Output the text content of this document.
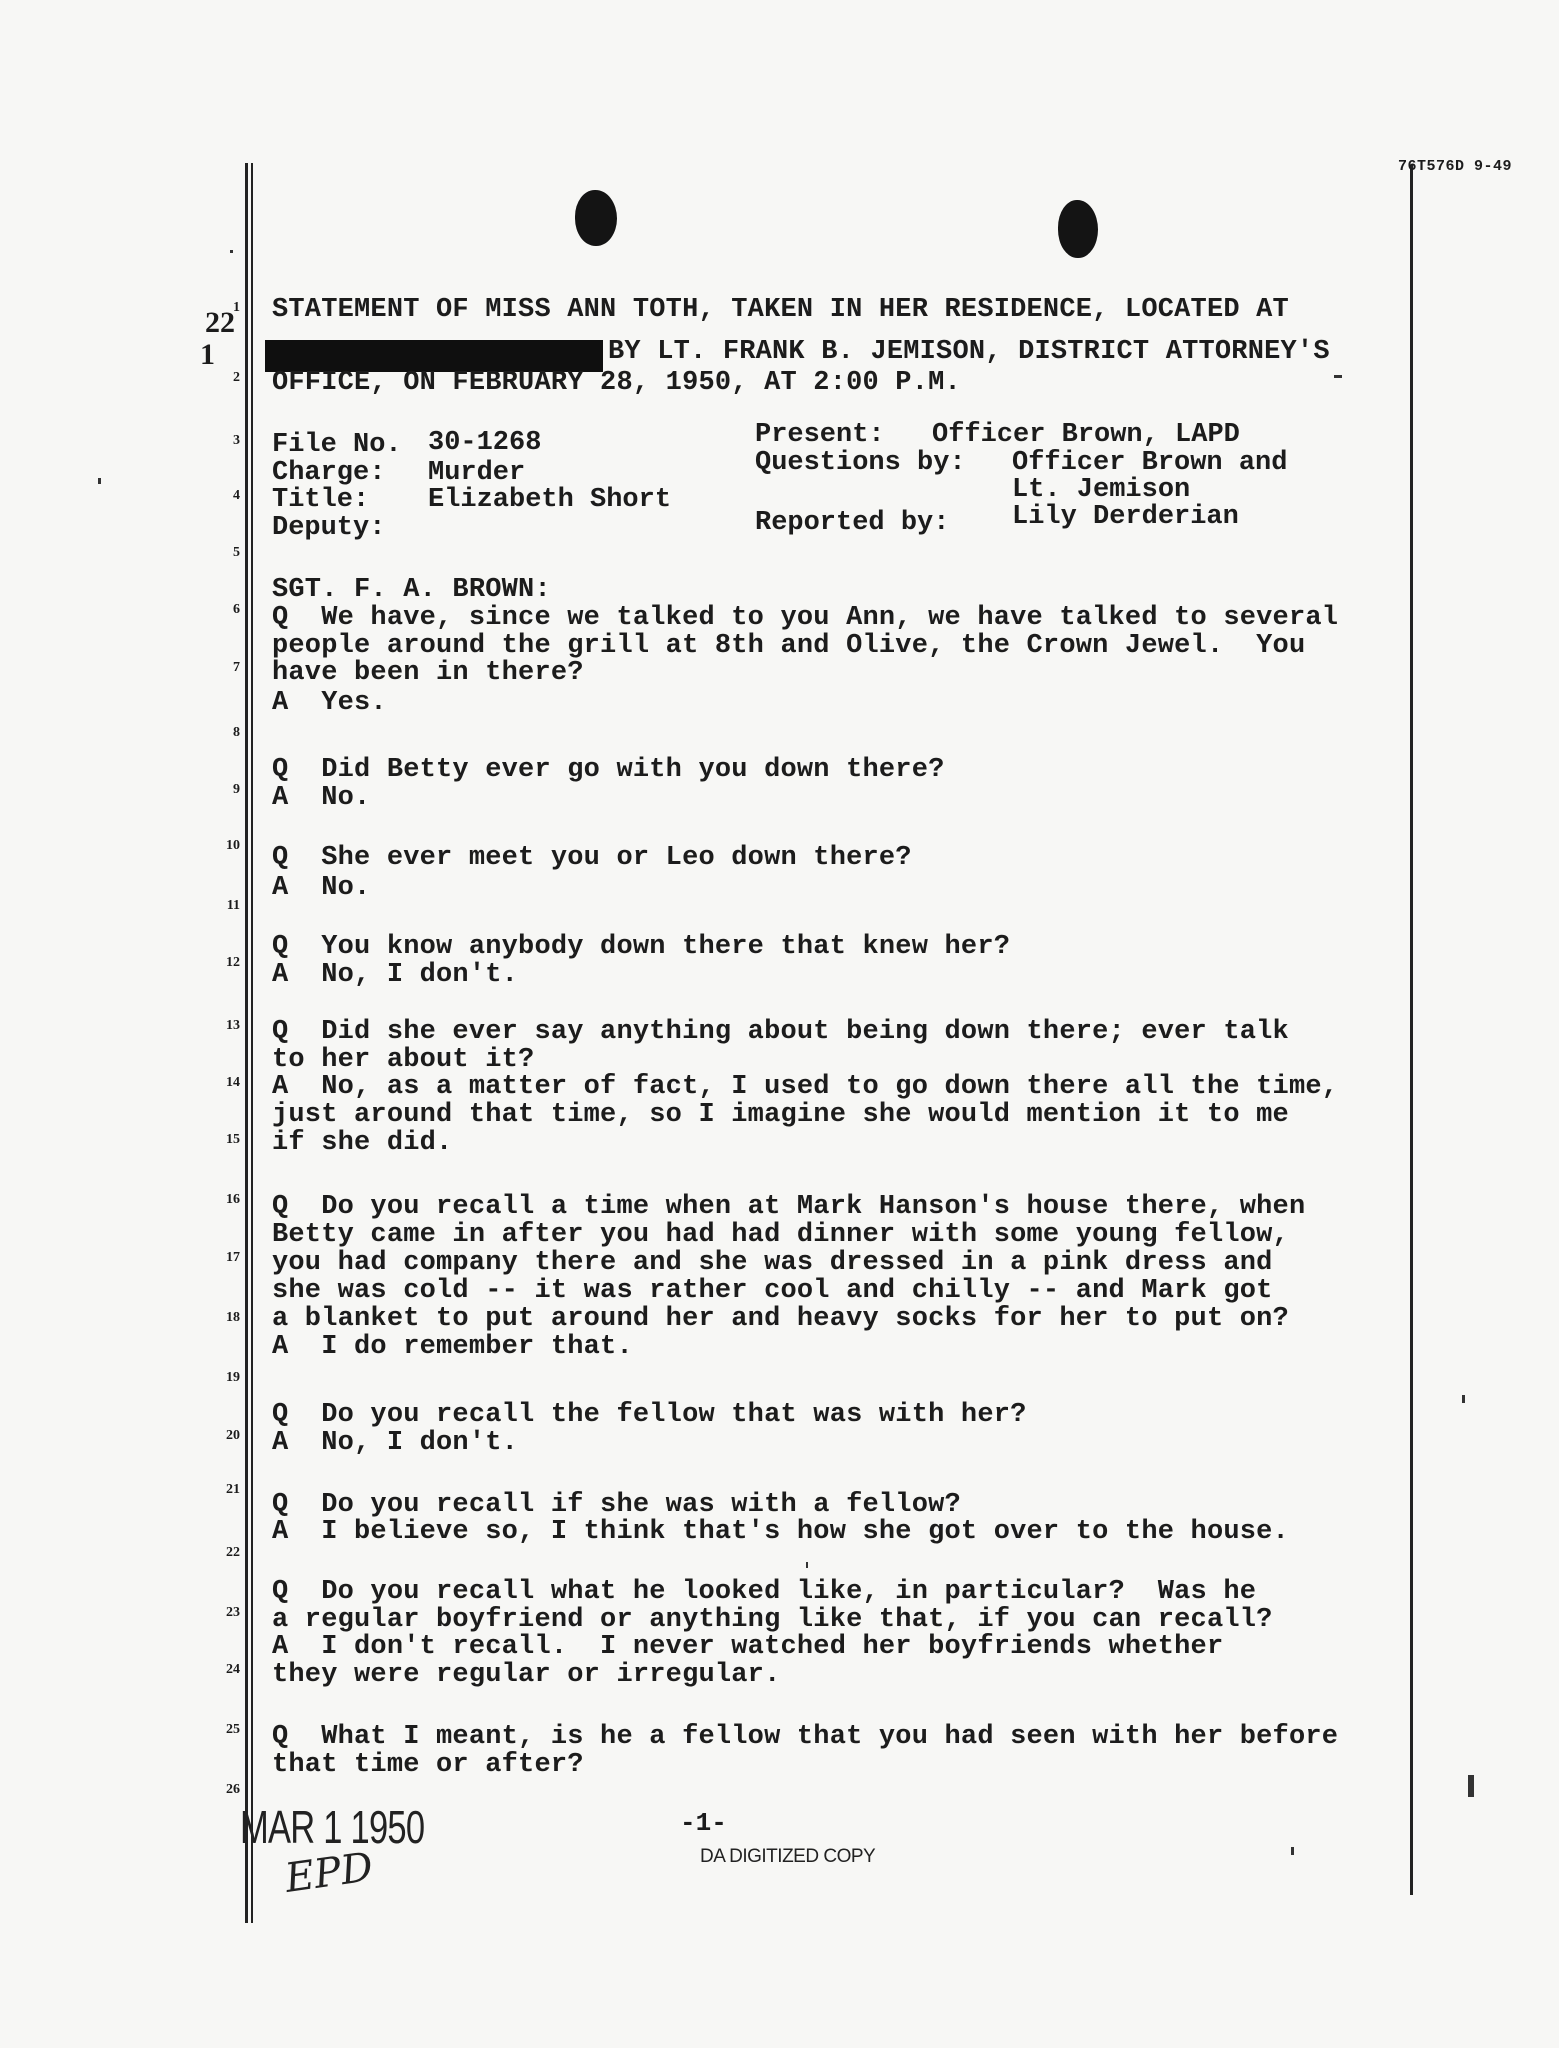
76T576D 9-49
22
1
1
2
3
4
5
6
7
8
9
10
11
12
13
14
15
16
17
18
19
20
21
22
23
24
25
26
STATEMENT OF MISS ANN TOTH, TAKEN IN HER RESIDENCE, LOCATED AT
BY LT. FRANK B. JEMISON, DISTRICT ATTORNEY'S
OFFICE, ON FEBRUARY 28, 1950, AT 2:00 P.M.
File No. 30-1268
Charge: Murder
Title: Elizabeth Short
Deputy:
Present: Officer Brown, LAPD
Questions by: Officer Brown and
Lt. Jemison
Reported by: Lily Derderian
SGT. F. A. BROWN:
Q  We have, since we talked to you Ann, we have talked to several
people around the grill at 8th and Olive, the Crown Jewel.  You
have been in there?
A  Yes.
Q  Did Betty ever go with you down there?
A  No.
Q  She ever meet you or Leo down there?
A  No.
Q  You know anybody down there that knew her?
A  No, I don't.
Q  Did she ever say anything about being down there; ever talk
to her about it?
A  No, as a matter of fact, I used to go down there all the time,
just around that time, so I imagine she would mention it to me
if she did.
Q  Do you recall a time when at Mark Hanson's house there, when
Betty came in after you had had dinner with some young fellow,
you had company there and she was dressed in a pink dress and
she was cold -- it was rather cool and chilly -- and Mark got
a blanket to put around her and heavy socks for her to put on?
A  I do remember that.
Q  Do you recall the fellow that was with her?
A  No, I don't.
Q  Do you recall if she was with a fellow?
A  I believe so, I think that's how she got over to the house.
Q  Do you recall what he looked like, in particular?  Was he
a regular boyfriend or anything like that, if you can recall?
A  I don't recall.  I never watched her boyfriends whether
they were regular or irregular.
Q  What I meant, is he a fellow that you had seen with her before
that time or after?
MAR 1 1950
EPD
-1-
DA DIGITIZED COPY
